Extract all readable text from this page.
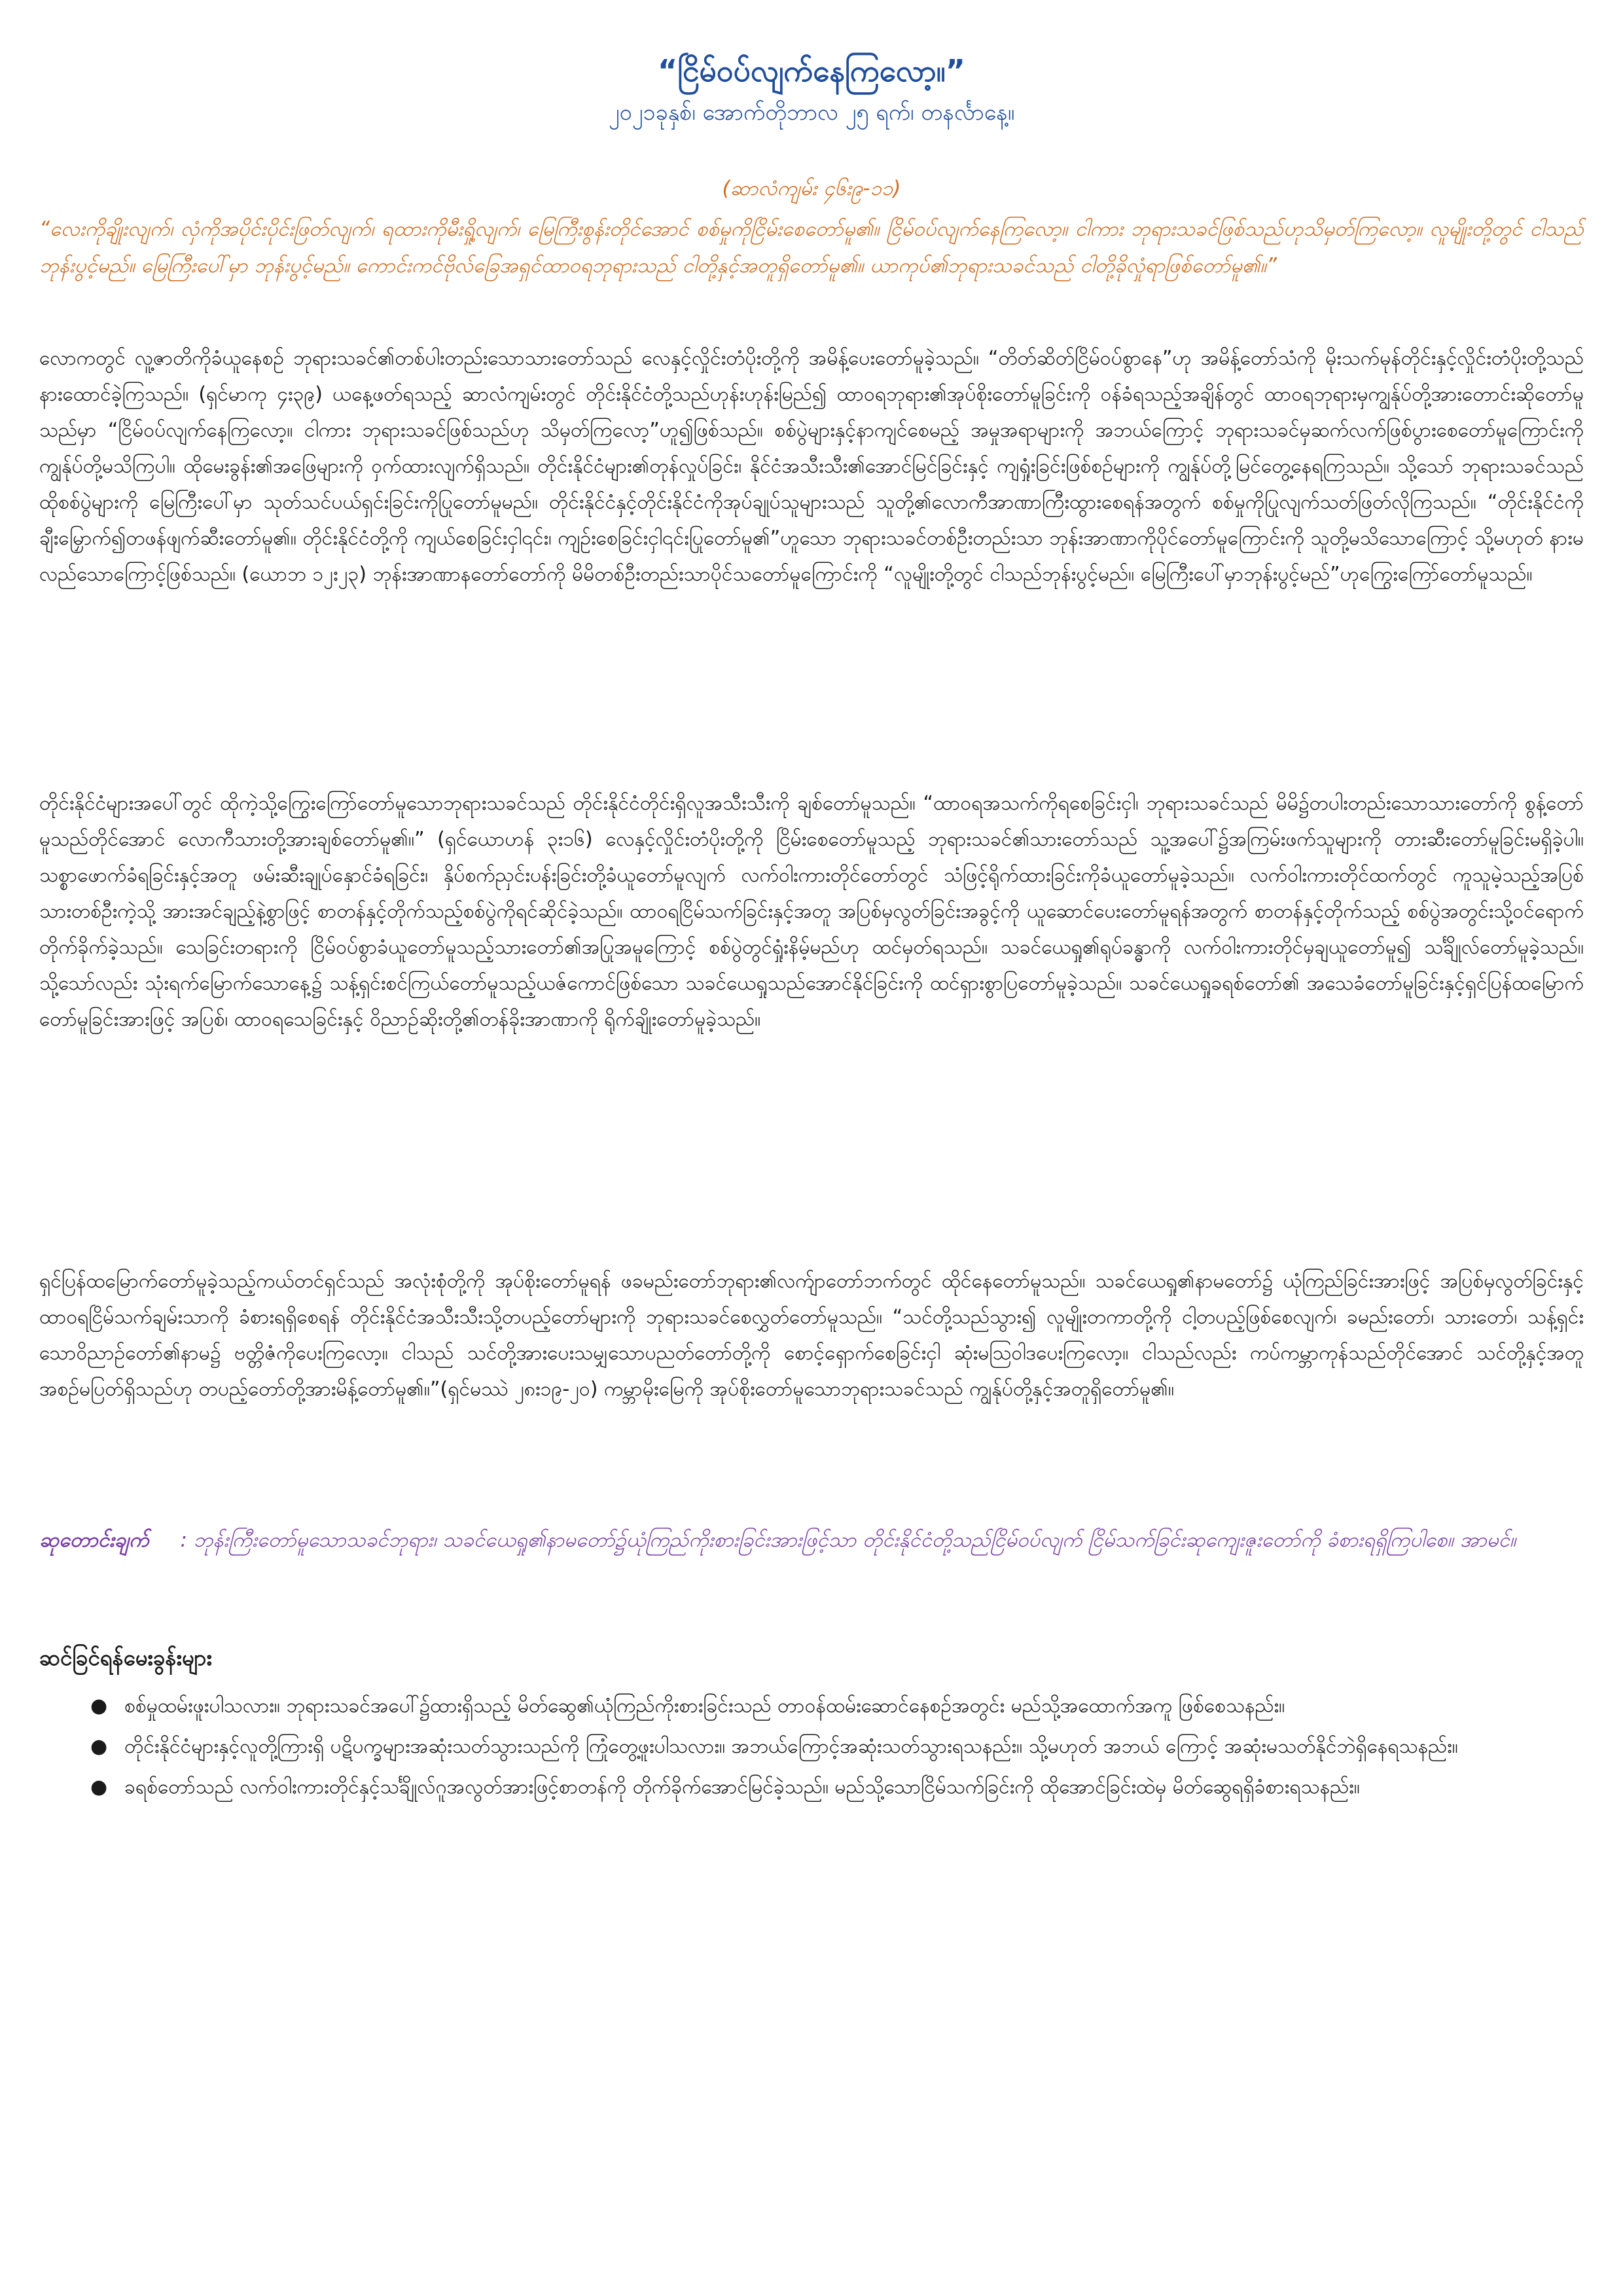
“ငြိမ်ဝပ်လျက်နေကြလော့။”
၂၀၂၁ခုနှစ်၊ အောက်တိုဘာလ ၂၅ ရက်၊ တနင်္လာနေ့။
(ဆာလံကျမ်း ၄၆း၉-၁၁)
“လေးကိုချိုးလျက်၊ လှံကိုအပိုင်းပိုင်းဖြတ်လျက်၊ ရထားကိုမီးရှို့လျက်၊ မြေကြီးစွန်းတိုင်အောင် စစ်မှုကိုငြိမ်းစေတော်မူ၏။ ငြိမ်ဝပ်လျက်နေကြလော့။ ငါကား ဘုရားသခင်ဖြစ်သည်ဟုသိမှတ်ကြလော့။ လူမျိုးတို့တွင် ငါသည်ဘုန်းပွင့်မည်။ မြေကြီးပေါ်မှာ ဘုန်းပွင့်မည်။ ကောင်းကင်ဗိုလ်ခြေအရှင်ထာဝရဘုရားသည် ငါတို့နှင့်အတူရှိတော်မူ၏။ ယာကုပ်၏ဘုရားသခင်သည် ငါတို့ခိုလှုံရာဖြစ်တော်မူ၏။”
လောကတွင် လူ့ဇာတိကိုခံယူနေစဉ် ဘုရားသခင်၏တစ်ပါးတည်းသောသားတော်သည် လေနှင့်လှိုင်းတံပိုးတို့ကို အမိန့်ပေးတော်မူခဲ့သည်။ “တိတ်ဆိတ်ငြိမ်ဝပ်စွာနေ”ဟု အမိန့်တော်သံကို မိုးသက်မုန်တိုင်းနှင့်လှိုင်းတံပိုးတို့သည် နားထောင်ခဲ့ကြသည်။ (ရှင်မာကု ၄း၃၉) ယနေ့ဖတ်ရသည့် ဆာလံကျမ်းတွင် တိုင်းနိုင်ငံတို့သည်ဟုန်းဟုန်းမြည်၍ ထာဝရဘုရား၏အုပ်စိုးတော်မူခြင်းကို ဝန်ခံရသည့်အချိန်တွင် ထာဝရဘုရားမှကျွန်ုပ်တို့အားတောင်းဆိုတော်မူသည်မှာ “ငြိမ်ဝပ်လျက်နေကြလော့။ ငါကား ဘုရားသခင်ဖြစ်သည်ဟု သိမှတ်ကြလော့”ဟူ၍ဖြစ်သည်။ စစ်ပွဲများနှင့်နာကျင်စေမည့် အမှုအရာများကို အဘယ်ကြောင့် ဘုရားသခင်မှဆက်လက်ဖြစ်ပွားစေတော်မူကြောင်းကို ကျွန်ုပ်တို့မသိကြပါ။ ထိုမေးခွန်း၏အဖြေများကို ဝှက်ထားလျက်ရှိသည်။ တိုင်းနိုင်ငံများ၏တုန်လှုပ်ခြင်း၊ နိုင်ငံအသီးသီး၏အောင်မြင်ခြင်းနှင့် ကျရှုံးခြင်းဖြစ်စဉ်များကို ကျွန်ုပ်တို့မြင်တွေ့နေရကြသည်။ သို့သော် ဘုရားသခင်သည်ထိုစစ်ပွဲများကို မြေကြီးပေါ်မှာ သုတ်သင်ပယ်ရှင်းခြင်းကိုပြုတော်မူမည်။ တိုင်းနိုင်ငံနှင့်တိုင်းနိုင်ငံကိုအုပ်ချုပ်သူများသည် သူတို့၏လောကီအာဏာကြီးထွားစေရန်အတွက် စစ်မှုကိုပြုလျက်သတ်ဖြတ်လိုကြသည်။ “တိုင်းနိုင်ငံကို ချီးမြှောက်၍တဖန်ဖျက်ဆီးတော်မူ၏။ တိုင်းနိုင်ငံတို့ကို ကျယ်စေခြင်းငှါ၎င်း၊ ကျဉ်းစေခြင်းငှါ၎င်းပြုတော်မူ၏”ဟူသော ဘုရားသခင်တစ်ဦးတည်းသာ ဘုန်းအာဏာကိုပိုင်တော်မူကြောင်းကို သူတို့မသိသောကြောင့် သို့မဟုတ် နားမလည်သောကြောင့်ဖြစ်သည်။ (ယောဘ ၁၂း၂၃) ဘုန်းအာဏာနတော်တော်ကို မိမိတစ်ဦးတည်းသာပိုင်သတော်မူကြောင်းကို “လူမျိုးတို့တွင် ငါသည်ဘုန်းပွင့်မည်။ မြေကြီးပေါ်မှာဘုန်းပွင့်မည်”ဟုကြွေးကြော်တော်မူသည်။
တိုင်းနိုင်ငံများအပေါ်တွင် ထိုကဲ့သို့ကြွေးကြော်တော်မူသောဘုရားသခင်သည် တိုင်းနိုင်ငံတိုင်းရှိလူအသီးသီးကို ချစ်တော်မူသည်။ “ထာဝရအသက်ကိုရစေခြင်းငှါ၊ ဘုရားသခင်သည် မိမိ၌တပါးတည်းသောသားတော်ကို စွန့်တော်မူသည်တိုင်အောင် လောကီသားတို့အားချစ်တော်မူ၏။” (ရှင်ယောဟန် ၃း၁၆) လေနှင့်လှိုင်းတံပိုးတို့ကို ငြိမ်းစေတော်မူသည့် ဘုရားသခင်၏သားတော်သည် သူ့အပေါ်၌အကြမ်းဖက်သူများကို တားဆီးတော်မူခြင်းမရှိခဲ့ပါ။ သစ္စာဖောက်ခံရခြင်းနှင့်အတူ ဖမ်းဆီးချုပ်နှောင်ခံရခြင်း၊ နှိပ်စက်ညှင်းပန်းခြင်းတို့ခံယူတော်မူလျက် လက်ဝါးကားတိုင်တော်တွင် သံဖြင့်ရိုက်ထားခြင်းကိုခံယူတော်မူခဲ့သည်။ လက်ဝါးကားတိုင်ထက်တွင် ကူသူမဲ့သည့်အပြစ်သားတစ်ဦးကဲ့သို့ အားအင်ချည့်နဲ့စွာဖြင့် စာတန်နှင့်တိုက်သည့်စစ်ပွဲကိုရင်ဆိုင်ခဲ့သည်။ ထာဝရငြိမ်သက်ခြင်းနှင့်အတူ အပြစ်မှလွတ်ခြင်းအခွင့်ကို ယူဆောင်ပေးတော်မူရန်အတွက် စာတန်နှင့်တိုက်သည့် စစ်ပွဲအတွင်းသို့ဝင်ရောက်တိုက်ခိုက်ခဲ့သည်။ သေခြင်းတရားကို ငြိမ်ဝပ်စွာခံယူတော်မူသည့်သားတော်၏အပြုအမူကြောင့် စစ်ပွဲတွင်ရှုံးနိမ့်မည်ဟု ထင်မှတ်ရသည်။ သခင်ယေရှု၏ရုပ်ခန္ဓာကို လက်ဝါးကားတိုင်မှချယူတော်မူ၍ သင်္ချိုလ်တော်မူခဲ့သည်။ သို့သော်လည်း သုံးရက်မြောက်သောနေ့၌ သန့်ရှင်းစင်ကြယ်တော်မူသည့်ယဇ်ကောင်ဖြစ်သော သခင်ယေရှုသည်အောင်နိုင်ခြင်းကို ထင်ရှားစွာပြတော်မူခဲ့သည်။ သခင်ယေရှုခရစ်တော်၏ အသေခံတော်မူခြင်းနှင့်ရှင်ပြန်ထမြောက်တော်မူခြင်းအားဖြင့် အပြစ်၊ ထာဝရသေခြင်းနှင့် ဝိညာဉ်ဆိုးတို့၏တန်ခိုးအာဏာကို ရိုက်ချိုးတော်မူခဲ့သည်။
ရှင်ပြန်ထမြောက်တော်မူခဲ့သည့်ကယ်တင်ရှင်သည် အလုံးစုံတို့ကို အုပ်စိုးတော်မူရန် ဖခမည်းတော်ဘုရား၏လက်ျာတော်ဘက်တွင် ထိုင်နေတော်မူသည်။ သခင်ယေရှု၏နာမတော်၌ ယုံကြည်ခြင်းအားဖြင့် အပြစ်မှလွတ်ခြင်းနှင့်ထာဝရငြိမ်သက်ချမ်းသာကို ခံစားရရှိစေရန် တိုင်းနိုင်ငံအသီးသီးသို့တပည့်တော်များကို ဘုရားသခင်စေလွှတ်တော်မူသည်။ “သင်တို့သည်သွား၍ လူမျိုးတကာတို့ကို ငါ့တပည့်ဖြစ်စေလျက်၊ ခမည်းတော်၊ သားတော်၊ သန့်ရှင်းသောဝိညာဉ်တော်၏နာမ၌ ဗတ္တိဇံကိုပေးကြလော့။ ငါသည် သင်တို့အားပေးသမျှသောပညတ်တော်တို့ကို စောင့်ရှောက်စေခြင်းငှါ ဆုံးမသြဝါဒပေးကြလော့။ ငါသည်လည်း ကပ်ကမ္ဘာကုန်သည်တိုင်အောင် သင်တို့နှင့်အတူ အစဉ်မပြတ်ရှိသည်ဟု တပည့်တော်တို့အားမိန့်တော်မူ၏။”(ရှင်မဿဲ ၂၈း၁၉-၂၀) ကမ္ဘာမိုးမြေကို အုပ်စိုးတော်မူသောဘုရားသခင်သည် ကျွန်ုပ်တို့နှင့်အတူရှိတော်မူ၏။
ဆုတောင်းချက် : ဘုန်းကြီးတော်မူသောသခင်ဘုရား၊ သခင်ယေရှု၏နာမတော်၌ယုံကြည်ကိုးစားခြင်းအားဖြင့်သာ တိုင်းနိုင်ငံတို့သည်ငြိမ်ဝပ်လျက် ငြိမ်သက်ခြင်းဆုကျေးဇူးတော်ကို ခံစားရရှိကြပါစေ။ အာမင်။
ဆင်ခြင်ရန်မေးခွန်းများ
● စစ်မှုထမ်းဖူးပါသလား။ ဘုရားသခင်အပေါ်၌ထားရှိသည့် မိတ်ဆွေ၏ယုံကြည်ကိုးစားခြင်းသည် တာဝန်ထမ်းဆောင်နေစဉ်အတွင်း မည်သို့အထောက်အကူ ဖြစ်စေသနည်း။
● တိုင်းနိုင်ငံများနှင့်လူတို့ကြားရှိ ပဋိပက္ခများအဆုံးသတ်သွားသည်ကို ကြုံတွေ့ဖူးပါသလား။ အဘယ်ကြောင့်အဆုံးသတ်သွားရသနည်း။ သို့မဟုတ် အဘယ် ကြောင့် အဆုံးမသတ်နိုင်ဘဲရှိနေရသနည်း။
● ခရစ်တော်သည် လက်ဝါးကားတိုင်နှင့်သင်္ချိုလ်ဂူအလွတ်အားဖြင့်စာတန်ကို တိုက်ခိုက်အောင်မြင်ခဲ့သည်။ မည်သို့သောငြိမ်သက်ခြင်းကို ထိုအောင်ခြင်းထဲမှ မိတ်ဆွေရရှိခံစားရသနည်း။
